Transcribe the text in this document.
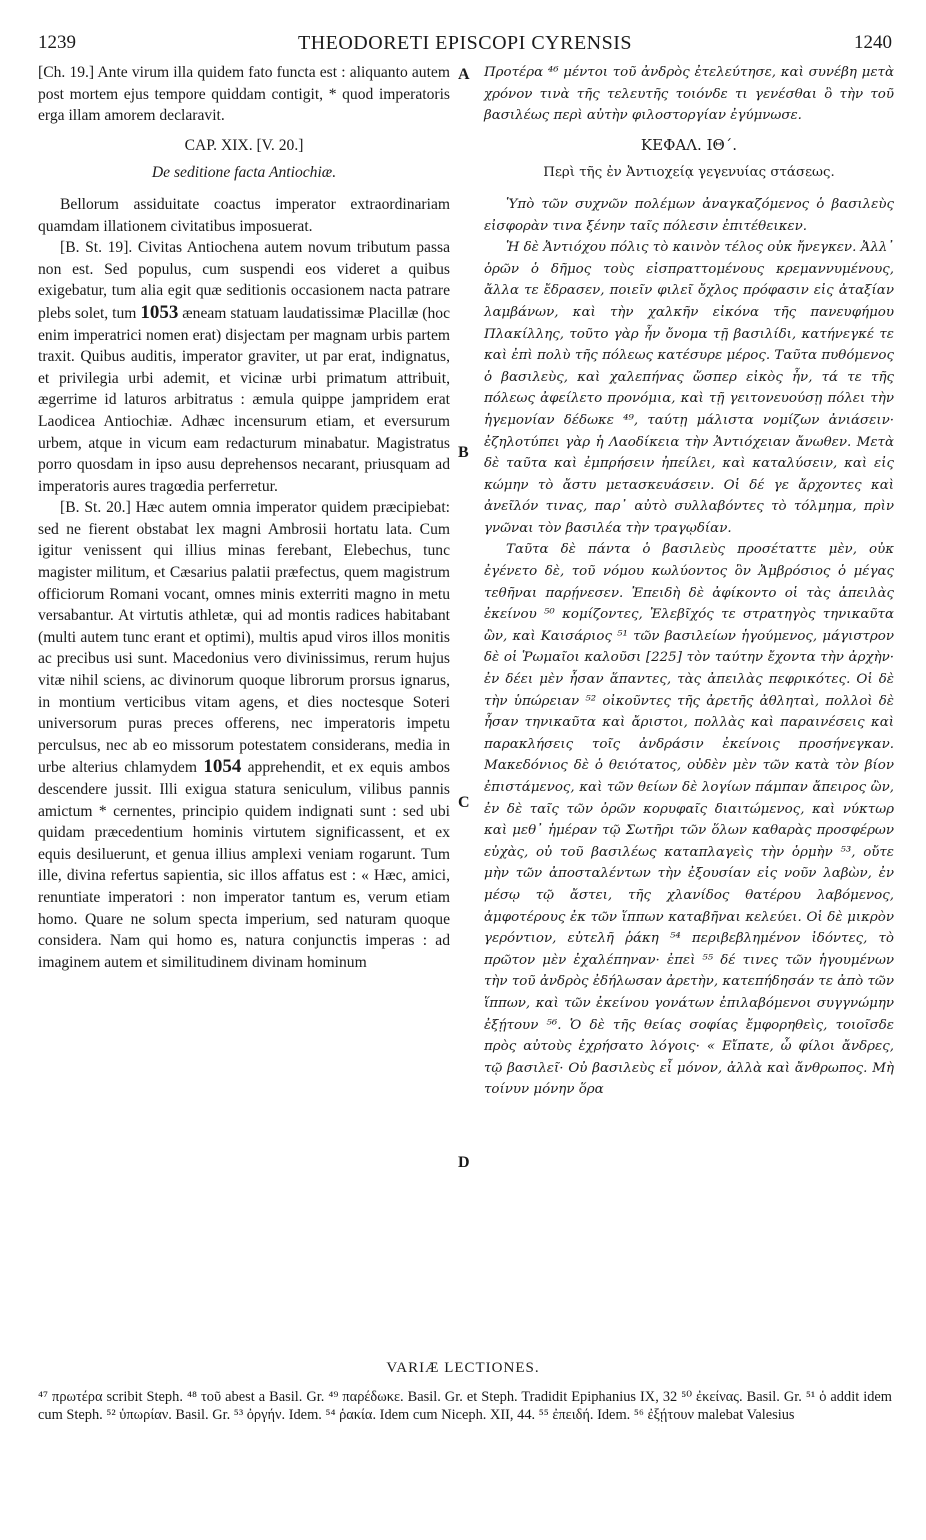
1239	THEODORETI EPISCOPI CYRENSIS	1240

[Ch. 19.] Ante virum illa quidem fato functa est : aliquanto autem post mortem ejus tempore quiddam contigit, * quod imperatoris erga illam amorem declaravit.

CAP. XIX. [V. 20.]

De seditione facta Antiochiæ.

Bellorum assiduitate coactus imperator extraordinariam quamdam illationem civitatibus imposuerat.

[B. St. 19]. Civitas Antiochena autem novum tributum passa non est. Sed populus, cum suspendi eos videret a quibus exigebatur, tum alia egit quæ seditionis occasionem nacta patrare plebs solet, tum 1053 æneam statuam laudatissimæ Placillæ (hoc enim imperatrici nomen erat) disjectam per magnam urbis partem traxit. Quibus auditis, imperator graviter, ut par erat, indignatus, et privilegia urbi ademit, et vicinæ urbi primatum attribuit, ægerrime id laturos arbitratus : æmula quippe jampridem erat Laodicea Antiochiæ. Adhæc incensurum etiam, et eversurum urbem, atque in vicum eam redacturum minabatur. Magistratus porro quosdam in ipso ausu deprehensos necarant, priusquam ad imperatoris aures tragœdia perferretur.

[B. St. 20.] Hæc autem omnia imperator quidem præcipiebat: sed ne fierent obstabat lex magni Ambrosii hortatu lata. Cum igitur venissent qui illius minas ferebant, Elebechus, tunc magister militum, et Cæsarius palatii præfectus, quem magistrum officiorum Romani vocant, omnes minis exterriti magno in metu versabantur. At virtutis athletæ, qui ad montis radices habitabant (multi autem tunc erant et optimi), multis apud viros illos monitis ac precibus usi sunt. Macedonius vero divinissimus, rerum hujus vitæ nihil sciens, ac divinorum quoque librorum prorsus ignarus, in montium verticibus vitam agens, et dies noctesque Soteri universorum puras preces offerens, nec imperatoris impetu perculsus, nec ab eo missorum potestatem considerans, media in urbe alterius chlamydem 1054 apprehendit, et ex equis ambos descendere jussit. Illi exigua statura seniculum, vilibus pannis amictum * cernentes, principio quidem indignati sunt : sed ubi quidam præcedentium hominis virtutem significassent, et ex equis desiluerunt, et genua illius amplexi veniam rogarunt. Tum ille, divina refertus sapientia, sic illos affatus est : « Hæc, amici, renuntiate imperatori : non imperator tantum es, verum etiam homo. Quare ne solum specta imperium, sed naturam quoque considera. Nam qui homo es, natura conjunctis imperas : ad imaginem autem et similitudinem divinam hominum

A
B
C
D

Προτέρα ⁴⁶ μέντοι τοῦ ἀνδρὸς ἐτελεύτησε, καὶ συνέβη μετὰ χρόνον τινὰ τῆς τελευτῆς τοιόνδε τι γενέσθαι ὃ τὴν τοῦ βασιλέως περὶ αὐτὴν φιλοστοργίαν ἐγύμνωσε.

ΚΕΦΑΛ. ΙΘ΄.

Περὶ τῆς ἐν Ἀντιοχείᾳ γεγενυίας στάσεως.

Ὑπὸ τῶν συχνῶν πολέμων ἀναγκαζόμενος ὁ βασιλεὺς εἰσφορὰν τινα ξένην ταῖς πόλεσιν ἐπιτέθεικεν.

Ἡ δὲ Ἀντιόχου πόλις τὸ καινὸν τέλος οὐκ ἤνεγκεν. Ἀλλ᾽ ὁρῶν ὁ δῆμος τοὺς εἰσπραττομένους κρεμαννυμένους, ἄλλα τε ἔδρασεν, ποιεῖν φιλεῖ ὄχλος πρόφασιν εἰς ἀταξίαν λαμβάνων, καὶ τὴν χαλκῆν εἰκόνα τῆς πανευφήμου Πλακίλλης, τοῦτο γὰρ ἦν ὄνομα τῇ βασιλίδι, κατήνεγκέ τε καὶ ἐπὶ πολὺ τῆς πόλεως κατέσυρε μέρος. Ταῦτα πυθόμενος ὁ βασιλεὺς, καὶ χαλεπήνας ὥσπερ εἰκὸς ἦν, τά τε τῆς πόλεως ἀφείλετο προνόμια, καὶ τῇ γειτονευούσῃ πόλει τὴν ἡγεμονίαν δέδωκε ⁴⁹, ταύτῃ μάλιστα νομίζων ἀνιάσειν· ἐζηλοτύπει γὰρ ἡ Λαοδίκεια τὴν Ἀντιόχειαν ἄνωθεν. Μετὰ δὲ ταῦτα καὶ ἐμπρήσειν ἠπείλει, καὶ καταλύσειν, καὶ εἰς κώμην τὸ ἄστυ μετασκευάσειν. Οἱ δέ γε ἄρχοντες καὶ ἀνεῖλόν τινας, παρ᾽ αὐτὸ συλλαβόντες τὸ τόλμημα, πρὶν γνῶναι τὸν βασιλέα τὴν τραγῳδίαν.

Ταῦτα δὲ πάντα ὁ βασιλεὺς προσέταττε μὲν, οὐκ ἐγένετο δὲ, τοῦ νόμου κωλύοντος ὃν Ἀμβρόσιος ὁ μέγας τεθῆναι παρῄνεσεν. Ἐπειδὴ δὲ ἀφίκοντο οἱ τὰς ἀπειλὰς ἐκείνου ⁵⁰ κομίζοντες, Ἐλεβῖχός τε στρατηγὸς τηνικαῦτα ὢν, καὶ Καισάριος ⁵¹ τῶν βασιλείων ἡγούμενος, μάγιστρον δὲ οἱ Ῥωμαῖοι καλοῦσι [225] τὸν ταύτην ἔχοντα τὴν ἀρχὴν· ἐν δέει μὲν ἦσαν ἅπαντες, τὰς ἀπειλὰς πεφρικότες. Οἱ δὲ τὴν ὑπώρειαν ⁵² οἰκοῦντες τῆς ἀρετῆς ἀθληταὶ, πολλοὶ δὲ ἦσαν τηνικαῦτα καὶ ἄριστοι, πολλὰς καὶ παραινέσεις καὶ παρακλήσεις τοῖς ἀνδράσιν ἐκείνοις προσήνεγκαν. Μακεδόνιος δὲ ὁ θειότατος, οὐδὲν μὲν τῶν κατὰ τὸν βίον ἐπιστάμενος, καὶ τῶν θείων δὲ λογίων πάμπαν ἄπειρος ὢν, ἐν δὲ ταῖς τῶν ὀρῶν κορυφαῖς διαιτώμενος, καὶ νύκτωρ καὶ μεθ᾽ ἡμέραν τῷ Σωτῆρι τῶν ὅλων καθαρὰς προσφέρων εὐχὰς, οὐ τοῦ βασιλέως καταπλαγεὶς τὴν ὁρμὴν ⁵³, οὔτε μὴν τῶν ἀποσταλέντων τὴν ἐξουσίαν εἰς νοῦν λαβὼν, ἐν μέσῳ τῷ ἄστει, τῆς χλανίδος θατέρου λαβόμενος, ἀμφοτέρους ἐκ τῶν ἵππων καταβῆναι κελεύει. Οἱ δὲ μικρὸν γερόντιον, εὐτελῆ ῥάκη ⁵⁴ περιβεβλημένον ἰδόντες, τὸ πρῶτον μὲν ἐχαλέπηναν· ἐπεὶ ⁵⁵ δέ τινες τῶν ἡγουμένων τὴν τοῦ ἀνδρὸς ἐδήλωσαν ἀρετὴν, κατεπήδησάν τε ἀπὸ τῶν ἵππων, καὶ τῶν ἐκείνου γονάτων ἐπιλαβόμενοι συγγνώμην ἐξῄτουν ⁵⁶. Ὁ δὲ τῆς θείας σοφίας ἔμφορηθεὶς, τοιοῖσδε πρὸς αὐτοὺς ἐχρήσατο λόγοις· « Εἴπατε, ὦ φίλοι ἄνδρες, τῷ βασιλεῖ· Οὐ βασιλεὺς εἶ μόνον, ἀλλὰ καὶ ἄνθρωπος. Μὴ τοίνυν μόνην ὅρα

VARIÆ LECTIONES.
⁴⁷ πρωτέρα scribit Steph. ⁴⁸ τοῦ abest a Basil. Gr. ⁴⁹ παρέδωκε. Basil. Gr. et Steph. Tradidit Epiphanius IX, 32 ⁵⁰ ἐκείνας. Basil. Gr. ⁵¹ ὁ addit idem cum Steph. ⁵² ὑπωρίαν. Basil. Gr. ⁵³ ὀργήν. Idem. ⁵⁴ ῥακία. Idem cum Niceph. XII, 44. ⁵⁵ ἐπειδή. Idem. ⁵⁶ ἐξῄτουν malebat Valesius
